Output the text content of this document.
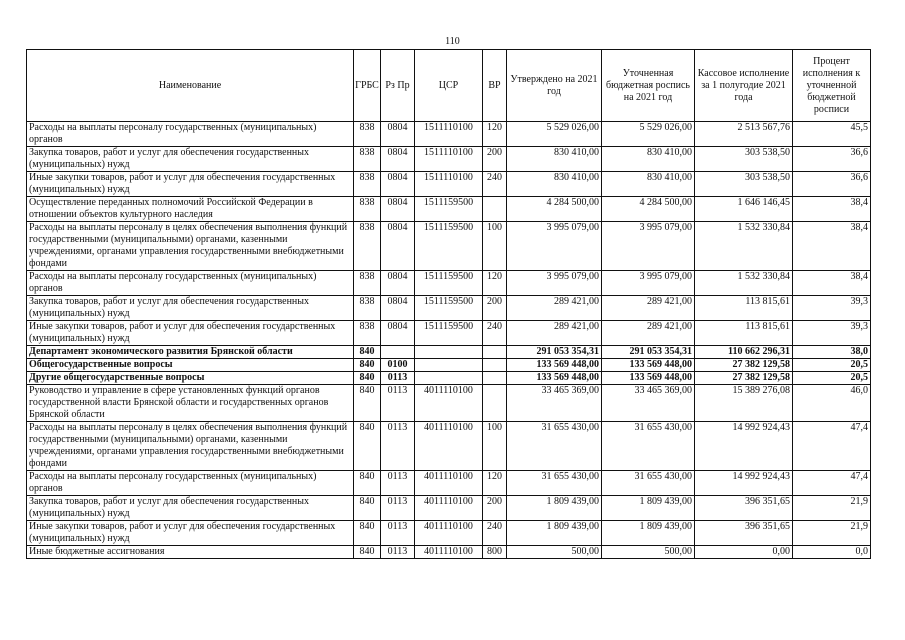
110
Наименование	ГРБС	Рз Пр	ЦСР	ВР	Утверждено на 2021 год	Уточненная бюджетная роспись на 2021 год	Кассовое исполнение за 1 полугодие 2021 года	Процент исполнения к уточненной бюджетной росписи
Расходы на выплаты персоналу государственных (муниципальных) органов	838	0804	1511110100	120	5 529 026,00	5 529 026,00	2 513 567,76	45,5
Закупка товаров, работ и услуг для обеспечения государственных (муниципальных) нужд	838	0804	1511110100	200	830 410,00	830 410,00	303 538,50	36,6
Иные закупки товаров, работ и услуг для обеспечения государственных (муниципальных) нужд	838	0804	1511110100	240	830 410,00	830 410,00	303 538,50	36,6
Осуществление переданных полномочий Российской Федерации в отношении объектов культурного наследия	838	0804	1511159500		4 284 500,00	4 284 500,00	1 646 146,45	38,4
Расходы на выплаты персоналу в целях обеспечения выполнения функций государственными (муниципальными) органами, казенными учреждениями, органами управления государственными внебюджетными фондами	838	0804	1511159500	100	3 995 079,00	3 995 079,00	1 532 330,84	38,4
Расходы на выплаты персоналу государственных (муниципальных) органов	838	0804	1511159500	120	3 995 079,00	3 995 079,00	1 532 330,84	38,4
Закупка товаров, работ и услуг для обеспечения государственных (муниципальных) нужд	838	0804	1511159500	200	289 421,00	289 421,00	113 815,61	39,3
Иные закупки товаров, работ и услуг для обеспечения государственных (муниципальных) нужд	838	0804	1511159500	240	289 421,00	289 421,00	113 815,61	39,3
Департамент экономического развития Брянской области	840				291 053 354,31	291 053 354,31	110 662 296,31	38,0
Общегосударственные вопросы	840	0100			133 569 448,00	133 569 448,00	27 382 129,58	20,5
Другие общегосударственные вопросы	840	0113			133 569 448,00	133 569 448,00	27 382 129,58	20,5
Руководство и управление в сфере установленных функций органов государственной власти Брянской области и государственных органов Брянской области	840	0113	4011110100		33 465 369,00	33 465 369,00	15 389 276,08	46,0
Расходы на выплаты персоналу в целях обеспечения выполнения функций государственными (муниципальными) органами, казенными учреждениями, органами управления государственными внебюджетными фондами	840	0113	4011110100	100	31 655 430,00	31 655 430,00	14 992 924,43	47,4
Расходы на выплаты персоналу государственных (муниципальных) органов	840	0113	4011110100	120	31 655 430,00	31 655 430,00	14 992 924,43	47,4
Закупка товаров, работ и услуг для обеспечения государственных (муниципальных) нужд	840	0113	4011110100	200	1 809 439,00	1 809 439,00	396 351,65	21,9
Иные закупки товаров, работ и услуг для обеспечения государственных (муниципальных) нужд	840	0113	4011110100	240	1 809 439,00	1 809 439,00	396 351,65	21,9
Иные бюджетные ассигнования	840	0113	4011110100	800	500,00	500,00	0,00	0,0
